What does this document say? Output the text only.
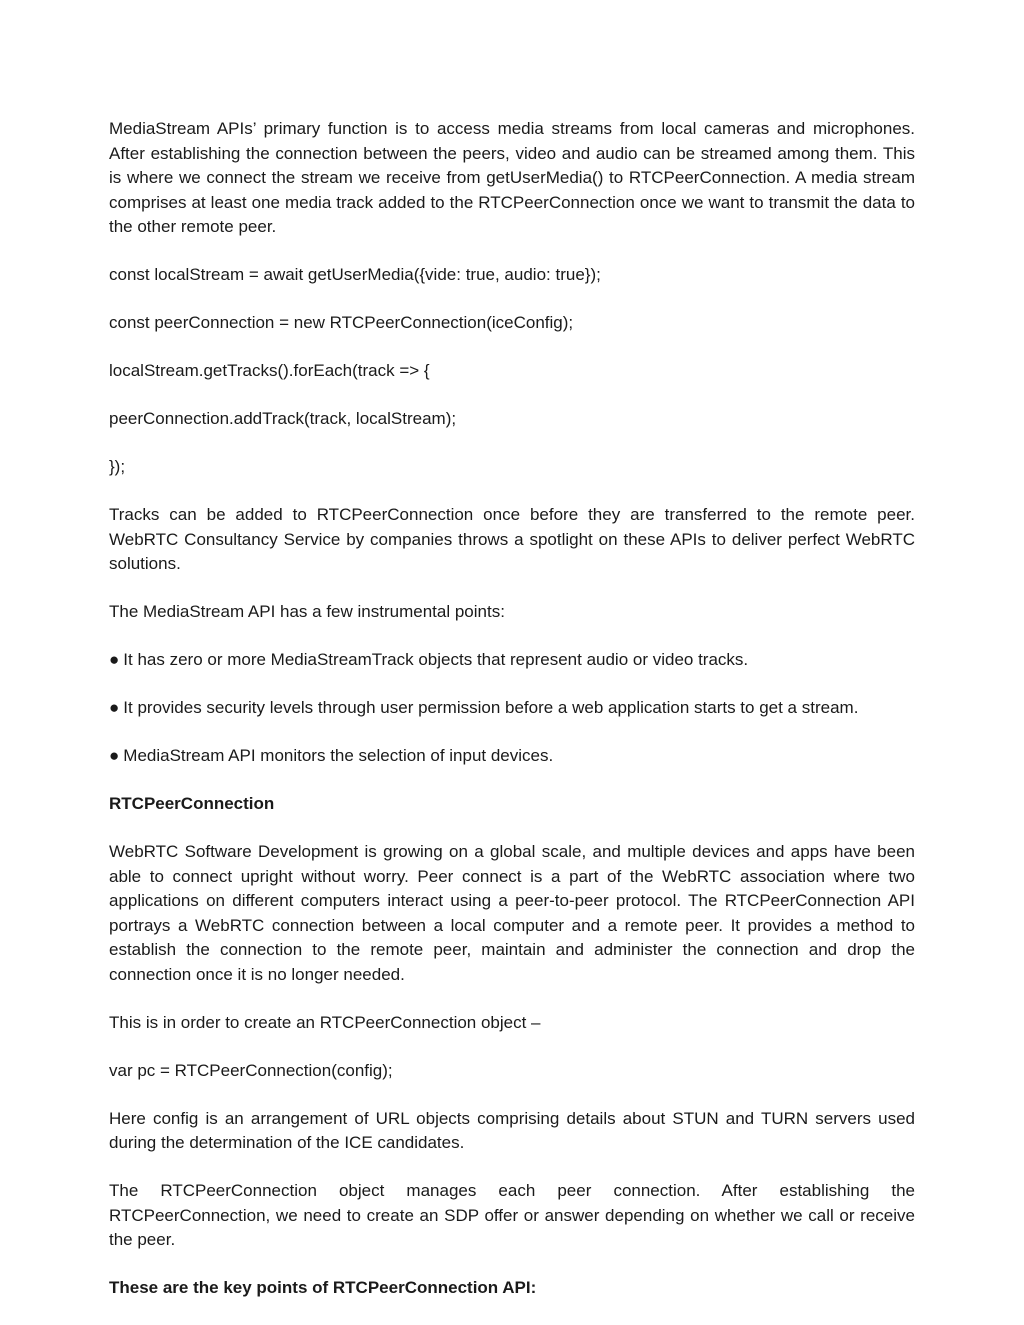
MediaStream APIs’ primary function is to access media streams from local cameras and microphones. After establishing the connection between the peers, video and audio can be streamed among them. This is where we connect the stream we receive from getUserMedia() to RTCPeerConnection. A media stream comprises at least one media track added to the RTCPeerConnection once we want to transmit the data to the other remote peer.

const localStream = await getUserMedia({vide: true, audio: true});

const peerConnection = new RTCPeerConnection(iceConfig);

localStream.getTracks().forEach(track => {

peerConnection.addTrack(track, localStream);

});

Tracks can be added to RTCPeerConnection once before they are transferred to the remote peer. WebRTC Consultancy Service by companies throws a spotlight on these APIs to deliver perfect WebRTC solutions.

The MediaStream API has a few instrumental points:

● It has zero or more MediaStreamTrack objects that represent audio or video tracks.

● It provides security levels through user permission before a web application starts to get a stream.

● MediaStream API monitors the selection of input devices.

RTCPeerConnection

WebRTC Software Development is growing on a global scale, and multiple devices and apps have been able to connect upright without worry. Peer connect is a part of the WebRTC association where two applications on different computers interact using a peer-to-peer protocol. The RTCPeerConnection API portrays a WebRTC connection between a local computer and a remote peer. It provides a method to establish the connection to the remote peer, maintain and administer the connection and drop the connection once it is no longer needed.

This is in order to create an RTCPeerConnection object –

var pc = RTCPeerConnection(config);

Here config is an arrangement of URL objects comprising details about STUN and TURN servers used during the determination of the ICE candidates.

The RTCPeerConnection object manages each peer connection. After establishing the RTCPeerConnection, we need to create an SDP offer or answer depending on whether we call or receive the peer.

These are the key points of RTCPeerConnection API:
